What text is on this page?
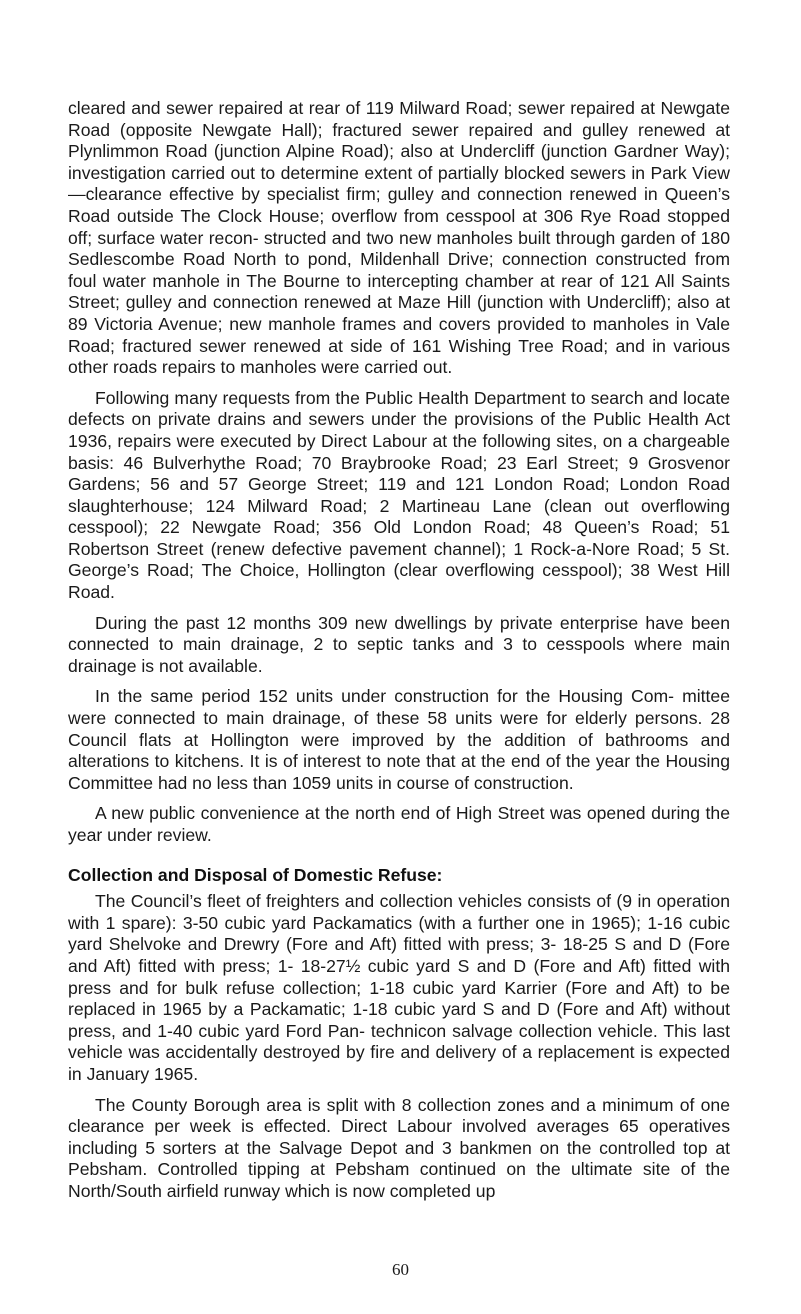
cleared and sewer repaired at rear of 119 Milward Road; sewer repaired at Newgate Road (opposite Newgate Hall); fractured sewer repaired and gulley renewed at Plynlimmon Road (junction Alpine Road); also at Undercliff (junction Gardner Way); investigation carried out to determine extent of partially blocked sewers in Park View—clearance effective by specialist firm; gulley and connection renewed in Queen’s Road outside The Clock House; overflow from cesspool at 306 Rye Road stopped off; surface water recon- structed and two new manholes built through garden of 180 Sedlescombe Road North to pond, Mildenhall Drive; connection constructed from foul water manhole in The Bourne to intercepting chamber at rear of 121 All Saints Street; gulley and connection renewed at Maze Hill (junction with Undercliff); also at 89 Victoria Avenue; new manhole frames and covers provided to manholes in Vale Road; fractured sewer renewed at side of 161 Wishing Tree Road; and in various other roads repairs to manholes were carried out.

Following many requests from the Public Health Department to search and locate defects on private drains and sewers under the provisions of the Public Health Act 1936, repairs were executed by Direct Labour at the following sites, on a chargeable basis: 46 Bulverhythe Road; 70 Braybrooke Road; 23 Earl Street; 9 Grosvenor Gardens; 56 and 57 George Street; 119 and 121 London Road; London Road slaughterhouse; 124 Milward Road; 2 Martineau Lane (clean out overflowing cesspool); 22 Newgate Road; 356 Old London Road; 48 Queen’s Road; 51 Robertson Street (renew defective pavement channel); 1 Rock-a-Nore Road; 5 St. George’s Road; The Choice, Hollington (clear overflowing cesspool); 38 West Hill Road.

During the past 12 months 309 new dwellings by private enterprise have been connected to main drainage, 2 to septic tanks and 3 to cesspools where main drainage is not available.

In the same period 152 units under construction for the Housing Com- mittee were connected to main drainage, of these 58 units were for elderly persons. 28 Council flats at Hollington were improved by the addition of bathrooms and alterations to kitchens. It is of interest to note that at the end of the year the Housing Committee had no less than 1059 units in course of construction.

A new public convenience at the north end of High Street was opened during the year under review.

Collection and Disposal of Domestic Refuse:

The Council’s fleet of freighters and collection vehicles consists of (9 in operation with 1 spare): 3-50 cubic yard Packamatics (with a further one in 1965); 1-16 cubic yard Shelvoke and Drewry (Fore and Aft) fitted with press; 3- 18-25 S and D (Fore and Aft) fitted with press; 1- 18-27½ cubic yard S and D (Fore and Aft) fitted with press and for bulk refuse collection; 1-18 cubic yard Karrier (Fore and Aft) to be replaced in 1965 by a Packamatic; 1-18 cubic yard S and D (Fore and Aft) without press, and 1-40 cubic yard Ford Pan- technicon salvage collection vehicle. This last vehicle was accidentally destroyed by fire and delivery of a replacement is expected in January 1965.

The County Borough area is split with 8 collection zones and a minimum of one clearance per week is effected. Direct Labour involved averages 65 operatives including 5 sorters at the Salvage Depot and 3 bankmen on the controlled top at Pebsham. Controlled tipping at Pebsham continued on the ultimate site of the North/South airfield runway which is now completed up

60
